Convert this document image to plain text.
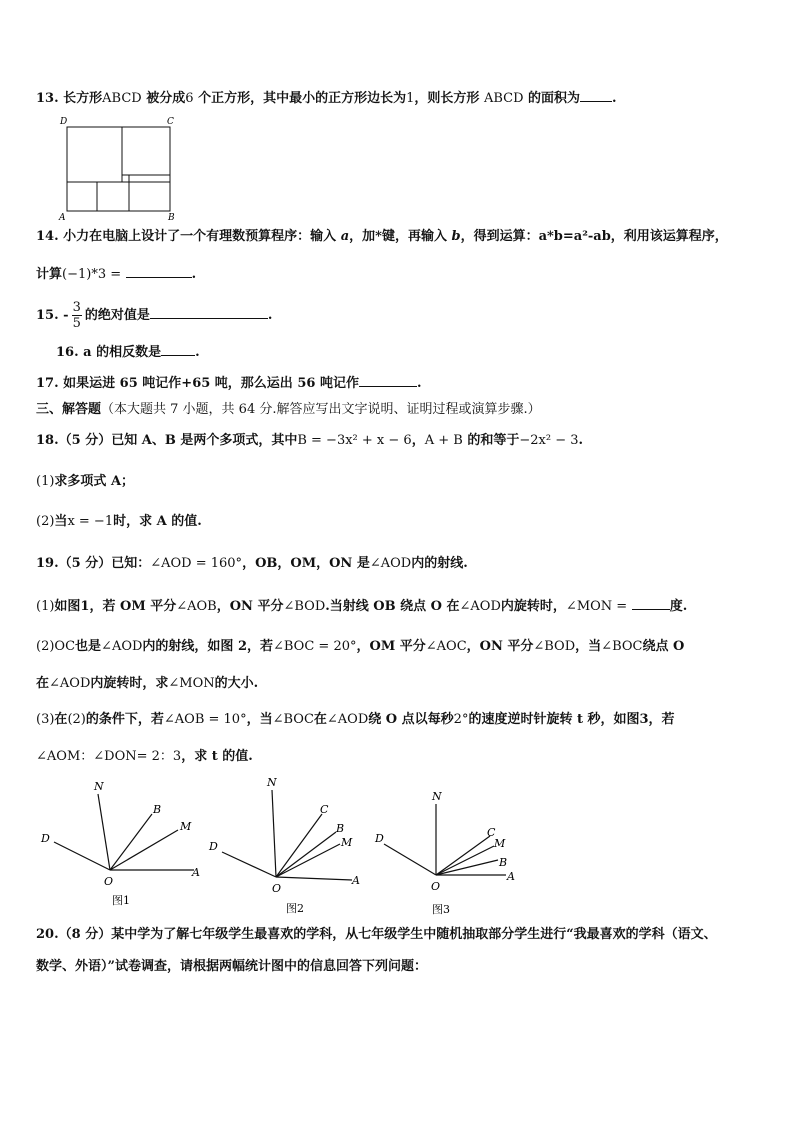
13. 长方形ABCD 被分成6 个正方形，其中最小的正方形边长为1，则长方形 ABCD 的面积为 .
D	C
A	B
14. 小力在电脑上设计了一个有理数预算程序：输入 a，加*键，再输入 b，得到运算：a*b=a²-ab，利用该运算程序，
计算(−1)*3 =	.
15. - $\frac{3}{5}$ 的绝对值是	.
16. a 的相反数是	.
17. 如果运进 65 吨记作+65 吨，那么运出 56 吨记作	.
三、解答题（本大题共 7 小题，共 64 分.解答应写出文字说明、证明过程或演算步骤.）
18.（5 分）已知 A、B 是两个多项式，其中B = −3x² + x − 6，A + B 的和等于−2x² − 3.
(1)求多项式 A；
(2)当x = −1时，求 A 的值.
19.（5 分）已知：∠AOD = 160°，OB，OM，ON 是∠AOD内的射线.
(1)如图1，若 OM 平分∠AOB，ON 平分∠BOD.当射线 OB 绕点 O 在∠AOD内旋转时，∠MON =	度.
(2)OC也是∠AOD内的射线，如图 2，若∠BOC = 20°，OM 平分∠AOC，ON 平分∠BOD，当∠BOC绕点 O
在∠AOD内旋转时，求∠MON的大小.
(3)在(2)的条件下，若∠AOB = 10°，当∠BOC在∠AOD绕 O 点以每秒2°的速度逆时针旋转 t 秒，如图3，若
∠AOM：∠DON= 2：3，求 t 的值.
N
B
M
D
O
A
图1
N
C
B
M
D
O
A
图2
N
C
M
B
D
O
A
图3
20.（8 分）某中学为了解七年级学生最喜欢的学科，从七年级学生中随机抽取部分学生进行“我最喜欢的学科（语文、
数学、外语）”试卷调查，请根据两幅统计图中的信息回答下列问题：
